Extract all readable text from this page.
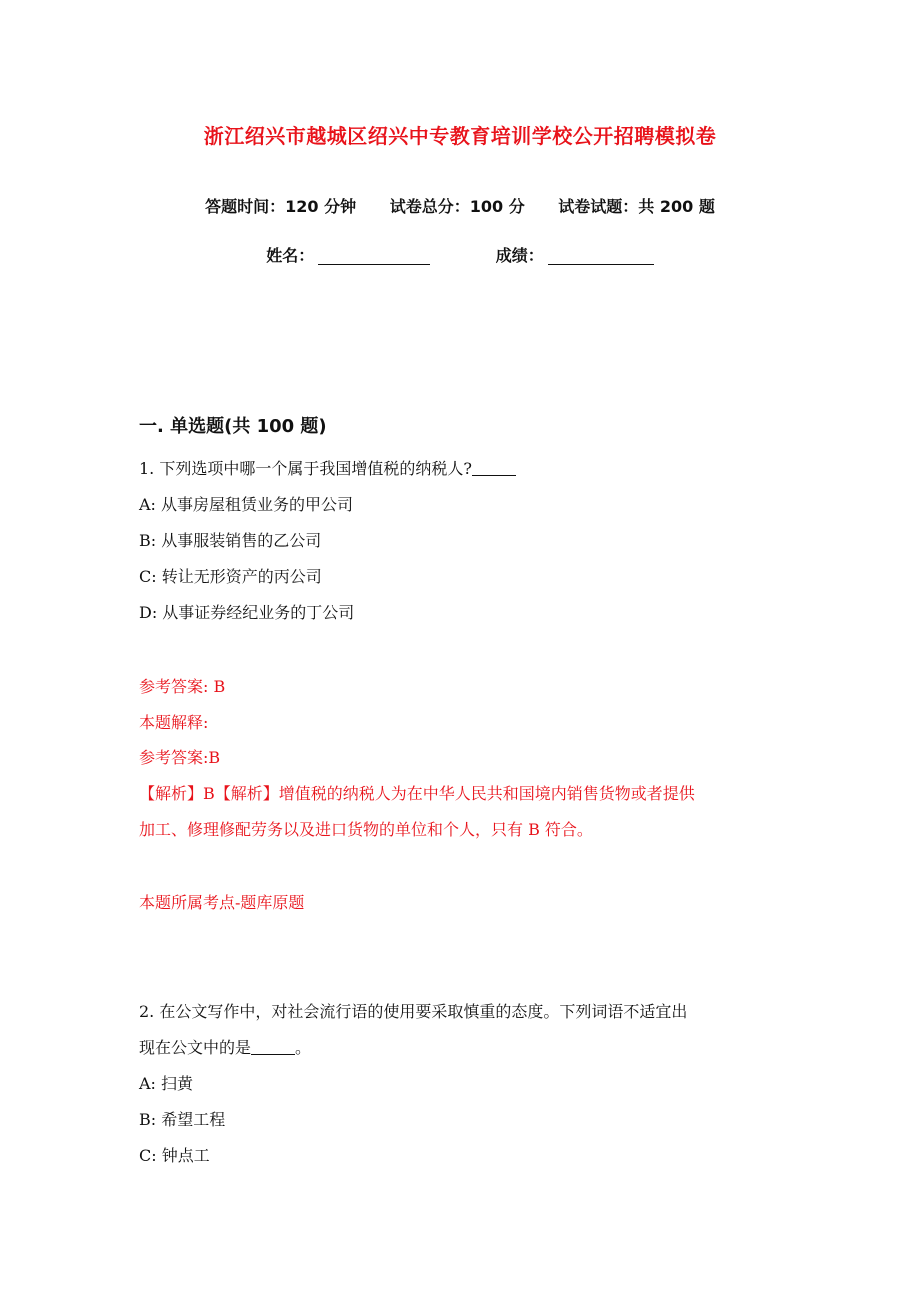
浙江绍兴市越城区绍兴中专教育培训学校公开招聘模拟卷
答题时间：120 分钟 试卷总分：100 分 试卷试题：共 200 题
姓名：	成绩：
一. 单选题(共 100 题)
1. 下列选项中哪一个属于我国增值税的纳税人?
A: 从事房屋租赁业务的甲公司
B: 从事服装销售的乙公司
C: 转让无形资产的丙公司
D: 从事证券经纪业务的丁公司
参考答案: B
本题解释:
参考答案:B
【解析】B【解析】增值税的纳税人为在中华人民共和国境内销售货物或者提供
加工、修理修配劳务以及进口货物的单位和个人，只有 B 符合。
本题所属考点-题库原题
2. 在公文写作中，对社会流行语的使用要采取慎重的态度。下列词语不适宜出
现在公文中的是	。
A: 扫黄
B: 希望工程
C: 钟点工
